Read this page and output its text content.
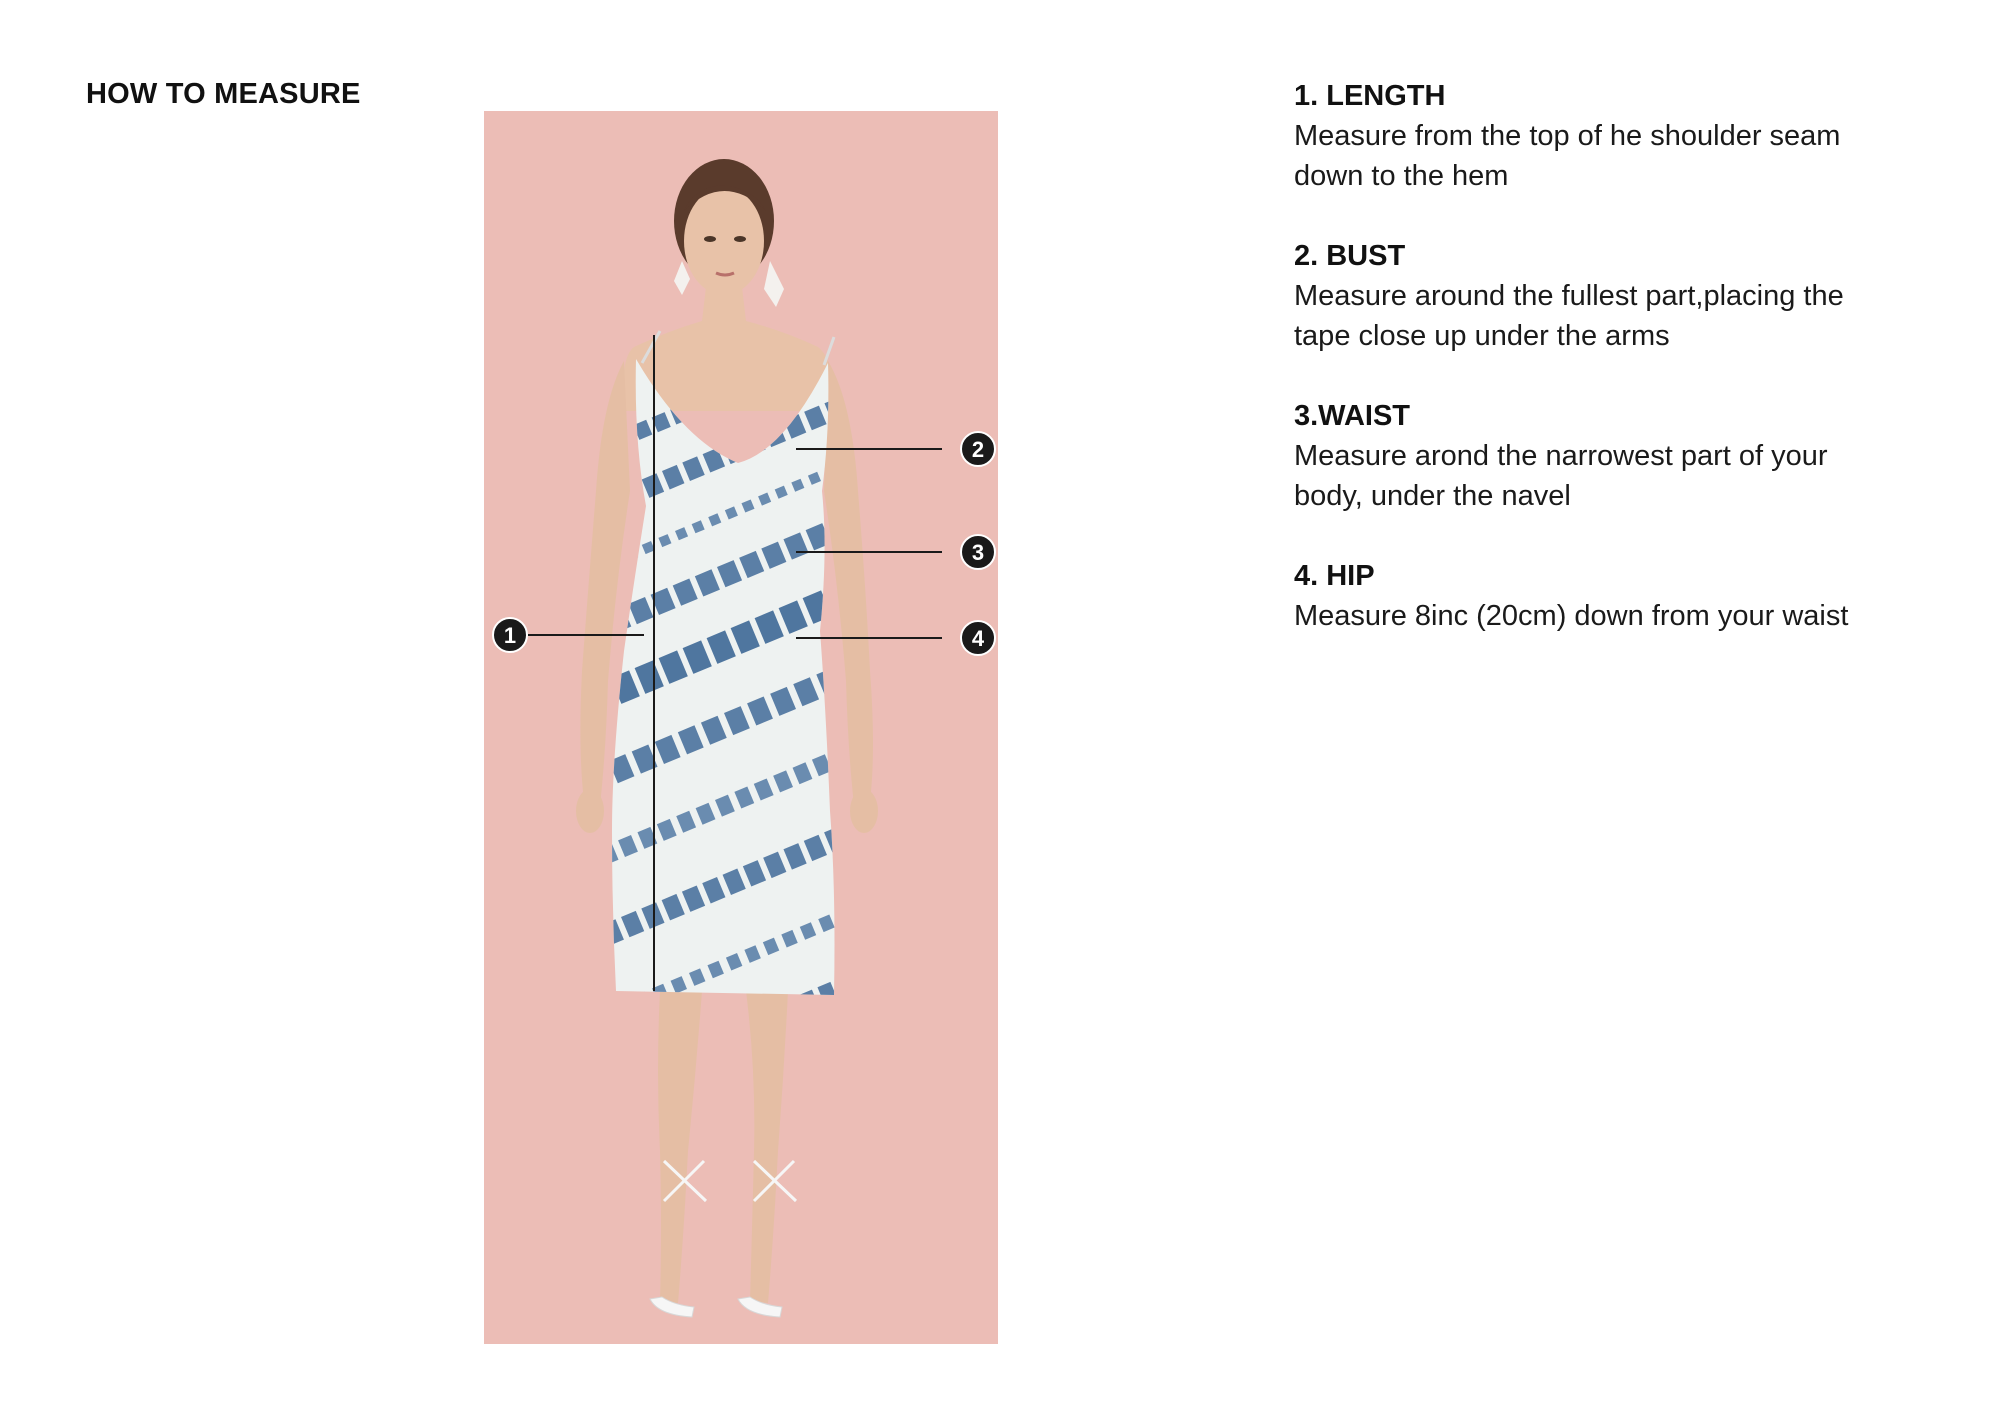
HOW TO MEASURE
1
2
3
4

1. LENGTH

Measure from the top of he shoulder seam

down to the hem

2. BUST

Measure around the fullest part,placing the

tape close up under the arms

3.WAIST

Measure arond the narrowest part of your

body, under the navel

4. HIP

Measure 8inc (20cm) down from your waist
